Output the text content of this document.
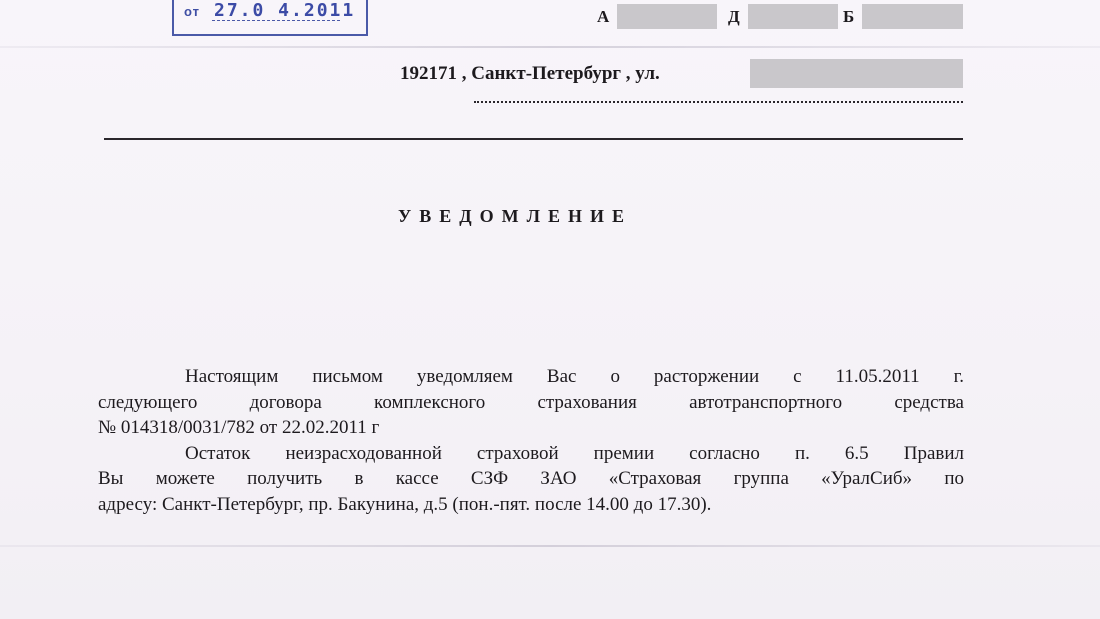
от 27.0 4.2011	А	Д	Б
192171 , Санкт-Петербург , ул.
УВЕДОМЛЕНИЕ
Настоящим письмом уведомляем Вас о расторжении с 11.05.2011 г.
следующего договора комплексного страхования автотранспортного средства
№ 014318/0031/782 от 22.02.2011 г
Остаток неизрасходованной страховой премии согласно п. 6.5 Правил
Вы можете получить в кассе СЗФ ЗАО «Страховая группа «УралСиб» по
адресу: Санкт-Петербург, пр. Бакунина, д.5 (пон.-пят. после 14.00 до 17.30).
